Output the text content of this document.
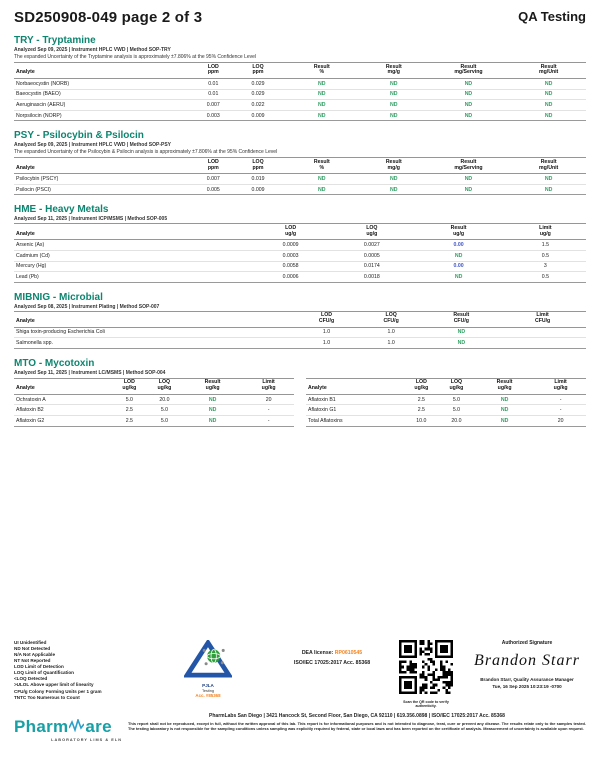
SD250908-049 page 2 of 3	QA Testing
TRY - Tryptamine
Analyzed Sep 09, 2025 | Instrument HPLC VWD | Method SOP-TRY
The expanded Uncertainty of the Tryptamine analysis is approximately ±7.806% at the 95% Confidence Level
Analyte

LOD
ppm

LOQ
ppm

Result
%

Result
mg/g

Result
mg/Serving

Result
mg/Unit

Norbaeocystin (NORB)	0.01	0.029	ND	ND	ND	ND
Baeocystin (BAEO)	0.01	0.029	ND	ND	ND	ND
Aeruginascin (AERU)	0.007	0.022	ND	ND	ND	ND
Norpsilocin (NORP)	0.003	0.009	ND	ND	ND	ND
PSY - Psilocybin & Psilocin
Analyzed Sep 09, 2025 | Instrument HPLC VWD | Method SOP-PSY
The expanded Uncertainty of the Psilocybin & Psilocin analysis is approximately ±7.806% at the 95% Confidence Level
Analyte

LOD
ppm

LOQ
ppm

Result
%

Result
mg/g

Result
mg/Serving

Result
mg/Unit

Psilocybin (PSCY)	0.007	0.019	ND	ND	ND	ND
Psilocin (PSCI)	0.005	0.009	ND	ND	ND	ND
HME - Heavy Metals
Analyzed Sep 11, 2025 | Instrument ICP/MSMS | Method SOP-005
Analyte

LOD
ug/g

LOQ
ug/g

Result
ug/g

Limit
ug/g

Arsenic (As)	0.0009	0.0027	0.00	1.5
Cadmium (Cd)	0.0003	0.0005	ND	0.5
Mercury (Hg)	0.0058	0.0174	0.00	3
Lead (Pb)	0.0006	0.0018	ND	0.5
MIBNIG - Microbial
Analyzed Sep 08, 2025 | Instrument Plating | Method SOP-007
Analyte

LOD
CFU/g

LOQ
CFU/g

Result
CFU/g

Limit
CFU/g

Shiga toxin-producing Escherichia Coli	1.0	1.0	ND	
Salmonella spp.	1.0	1.0	ND	
MTO - Mycotoxin
Analyzed Sep 11, 2025 | Instrument LC/MSMS | Method SOP-004
Analyte

LOD
ug/kg

LOQ
ug/kg

Result
ug/kg

Limit
ug/kg

Ochratoxin A	5.0	20.0	ND	20
Aflatoxin B2	2.5	5.0	ND	-
Aflatoxin G2	2.5	5.0	ND	-
Analyte

LOD
ug/kg

LOQ
ug/kg

Result
ug/kg

Limit
ug/kg

Aflatoxin B1	2.5	5.0	ND	-
Aflatoxin G1	2.5	5.0	ND	-
Total Aflatoxins	10.0	20.0	ND	20
UI Unidentified
ND Not Detected
N/A Not Applicable
NT Not Reported
LOD Limit of Detection
LOQ Limit of Quantification
<LOQ Detected
>ULOL Above upper limit of linearity
CFU/g Colony Forming Units per 1 gram
TNTC Too Numerous to Count
PJLA
Testing
Acc. #85368
DEA license: RP0610545
ISO/IEC 17025:2017 Acc. 85368
Scan the QR code to verify authenticity.
Authorized Signature
Brandon Starr
Brandon Starr, Quality Assurance Manager
Tue, 16 Sep 2025 10:23:19 -0700
Pharm are
LABORATORY LIMS & ELN
PharmLabs San Diego | 3421 Hancock St, Second Floor, San Diego, CA 92110 | 619.356.0898 | ISO/IEC 17025:2017 Acc. 85368
This report shall not be reproduced, except in full, without the written approval of this lab. This report is for informational purposes and is not intended to diagnose, treat, cure or prevent any disease. The results relate only to the samples tested. The testing laboratory is not responsible for the sampling conditions unless sampling was explicitly required by federal, state or local laws and has been reported on the certificate of analysis. Measurement of uncertainty is available upon request.
